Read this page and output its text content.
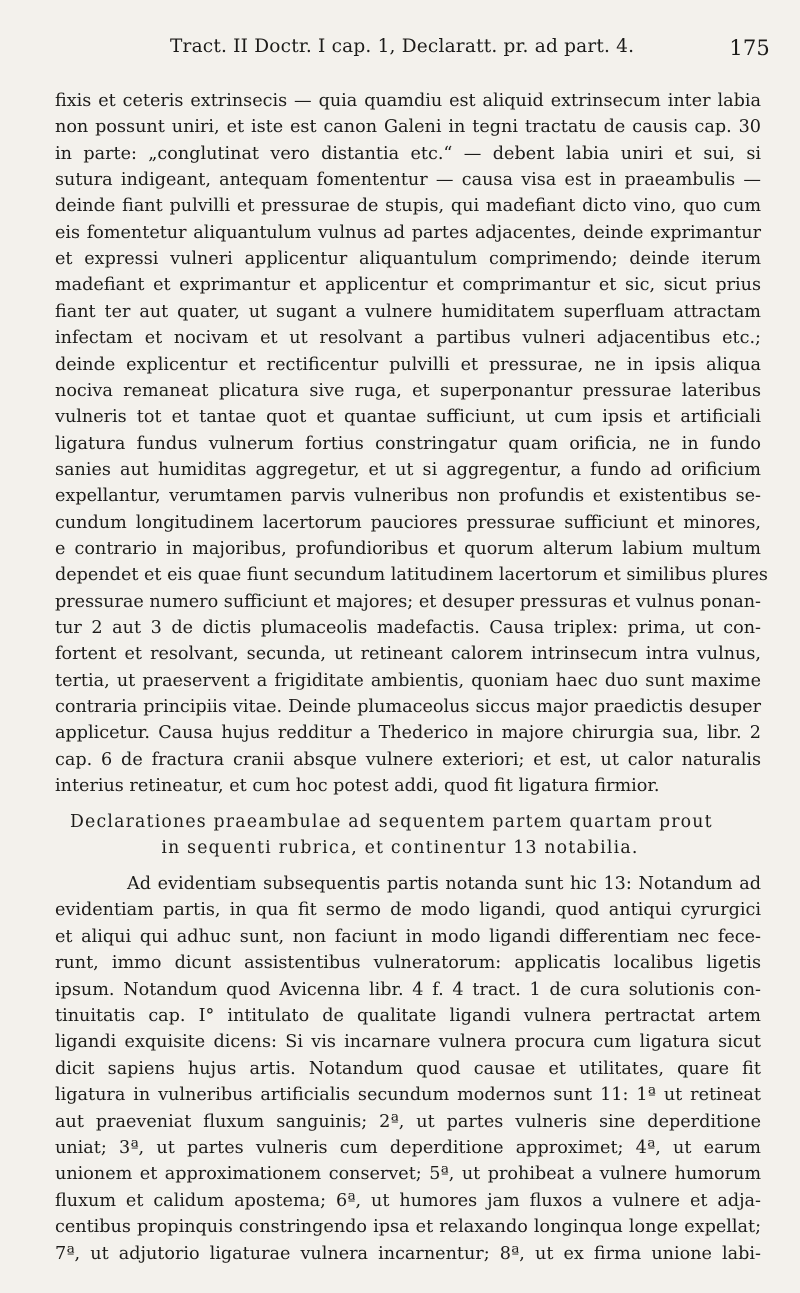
Tract. II Doctr. I cap. 1, Declaratt. pr. ad part. 4.	175
fixis et ceteris extrinsecis — quia quamdiu est aliquid extrinsecum inter labia
non possunt uniri, et iste est canon Galeni in tegni tractatu de causis cap. 30
in parte: „conglutinat vero distantia etc.“ — debent labia uniri et sui, si
sutura indigeant, antequam fomententur — causa visa est in praeambulis —
deinde fiant pulvilli et pressurae de stupis, qui madefiant dicto vino, quo cum
eis fomentetur aliquantulum vulnus ad partes adjacentes, deinde exprimantur
et expressi vulneri applicentur aliquantulum comprimendo; deinde iterum
madefiant et exprimantur et applicentur et comprimantur et sic, sicut prius
fiant ter aut quater, ut sugant a vulnere humiditatem superfluam attractam
infectam et nocivam et ut resolvant a partibus vulneri adjacentibus etc.;
deinde explicentur et rectificentur pulvilli et pressurae, ne in ipsis aliqua
nociva remaneat plicatura sive ruga, et superponantur pressurae lateribus
vulneris tot et tantae quot et quantae sufficiunt, ut cum ipsis et artificiali
ligatura fundus vulnerum fortius constringatur quam orificia, ne in fundo
sanies aut humiditas aggregetur, et ut si aggregentur, a fundo ad orificium
expellantur, verumtamen parvis vulneribus non profundis et existentibus se-
cundum longitudinem lacertorum pauciores pressurae sufficiunt et minores,
e contrario in majoribus, profundioribus et quorum alterum labium multum
dependet et eis quae fiunt secundum latitudinem lacertorum et similibus plures
pressurae numero sufficiunt et majores; et desuper pressuras et vulnus ponan-
tur 2 aut 3 de dictis plumaceolis madefactis. Causa triplex: prima, ut con-
fortent et resolvant, secunda, ut retineant calorem intrinsecum intra vulnus,
tertia, ut praeservent a frigiditate ambientis, quoniam haec duo sunt maxime
contraria principiis vitae. Deinde plumaceolus siccus major praedictis desuper
applicetur. Causa hujus redditur a Thederico in majore chirurgia sua, libr. 2
cap. 6 de fractura cranii absque vulnere exteriori; et est, ut calor naturalis
interius retineatur, et cum hoc potest addi, quod fit ligatura firmior.
Declarationes praeambulae ad sequentem partem quartam prout
in sequenti rubrica, et continentur 13 notabilia.
Ad evidentiam subsequentis partis notanda sunt hic 13: Notandum ad
evidentiam partis, in qua fit sermo de modo ligandi, quod antiqui cyrurgici
et aliqui qui adhuc sunt, non faciunt in modo ligandi differentiam nec fece-
runt, immo dicunt assistentibus vulneratorum: applicatis localibus ligetis
ipsum. Notandum quod Avicenna libr. 4 f. 4 tract. 1 de cura solutionis con-
tinuitatis cap. I° intitulato de qualitate ligandi vulnera pertractat artem
ligandi exquisite dicens: Si vis incarnare vulnera procura cum ligatura sicut
dicit sapiens hujus artis. Notandum quod causae et utilitates, quare fit
ligatura in vulneribus artificialis secundum modernos sunt 11: 1ª ut retineat
aut praeveniat fluxum sanguinis; 2ª, ut partes vulneris sine deperditione
uniat; 3ª, ut partes vulneris cum deperditione approximet; 4ª, ut earum
unionem et approximationem conservet; 5ª, ut prohibeat a vulnere humorum
fluxum et calidum apostema; 6ª, ut humores jam fluxos a vulnere et adja-
centibus propinquis constringendo ipsa et relaxando longinqua longe expellat;
7ª, ut adjutorio ligaturae vulnera incarnentur; 8ª, ut ex firma unione labi-
